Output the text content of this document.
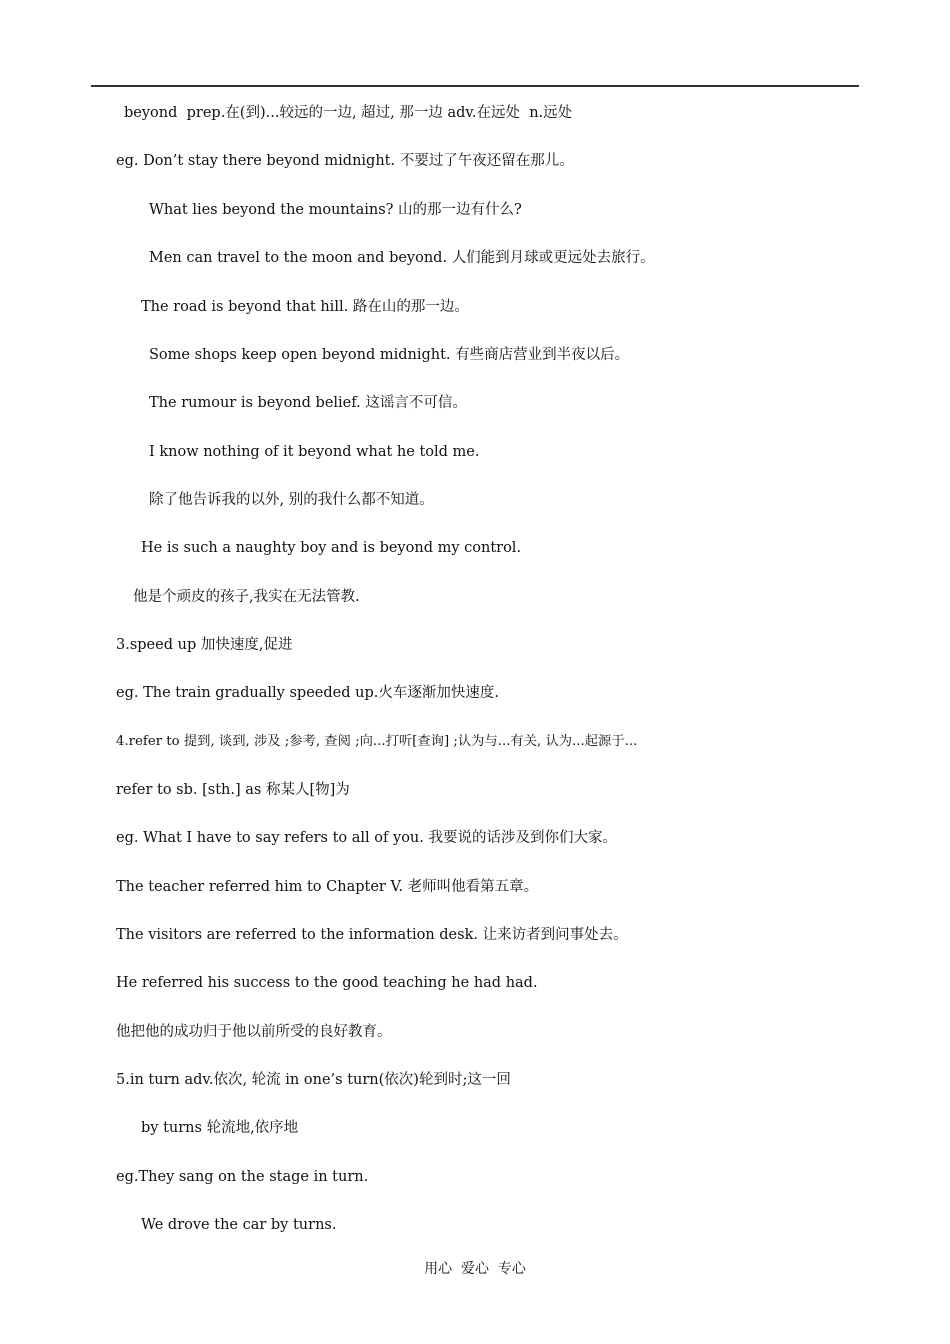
beyond  prep.在(到)...较远的一边, 超过, 那一边 adv.在远处  n.远处
eg. Don’t stay there beyond midnight. 不要过了午夜还留在那儿。
What lies beyond the mountains? 山的那一边有什么?
Men can travel to the moon and beyond. 人们能到月球或更远处去旅行。
The road is beyond that hill. 路在山的那一边。
Some shops keep open beyond midnight. 有些商店营业到半夜以后。
The rumour is beyond belief. 这谣言不可信。
I know nothing of it beyond what he told me.
除了他告诉我的以外, 别的我什么都不知道。
He is such a naughty boy and is beyond my control.
他是个顽皮的孩子,我实在无法管教.
3.speed up 加快速度,促进
eg. The train gradually speeded up.火车逐渐加快速度.
4.refer to 提到, 谈到, 涉及 ;参考, 查阅 ;向...打听[查询] ;认为与...有关, 认为...起源于...
refer to sb. [sth.] as 称某人[物]为
eg. What I have to say refers to all of you. 我要说的话涉及到你们大家。
The teacher referred him to Chapter V. 老师叫他看第五章。
The visitors are referred to the information desk. 让来访者到问事处去。
He referred his success to the good teaching he had had.
他把他的成功归于他以前所受的良好教育。
5.in turn adv.依次, 轮流 in one’s turn(依次)轮到时;这一回
by turns 轮流地,依序地
eg.They sang on the stage in turn.
We drove the car by turns.
用心  爱心  专心
